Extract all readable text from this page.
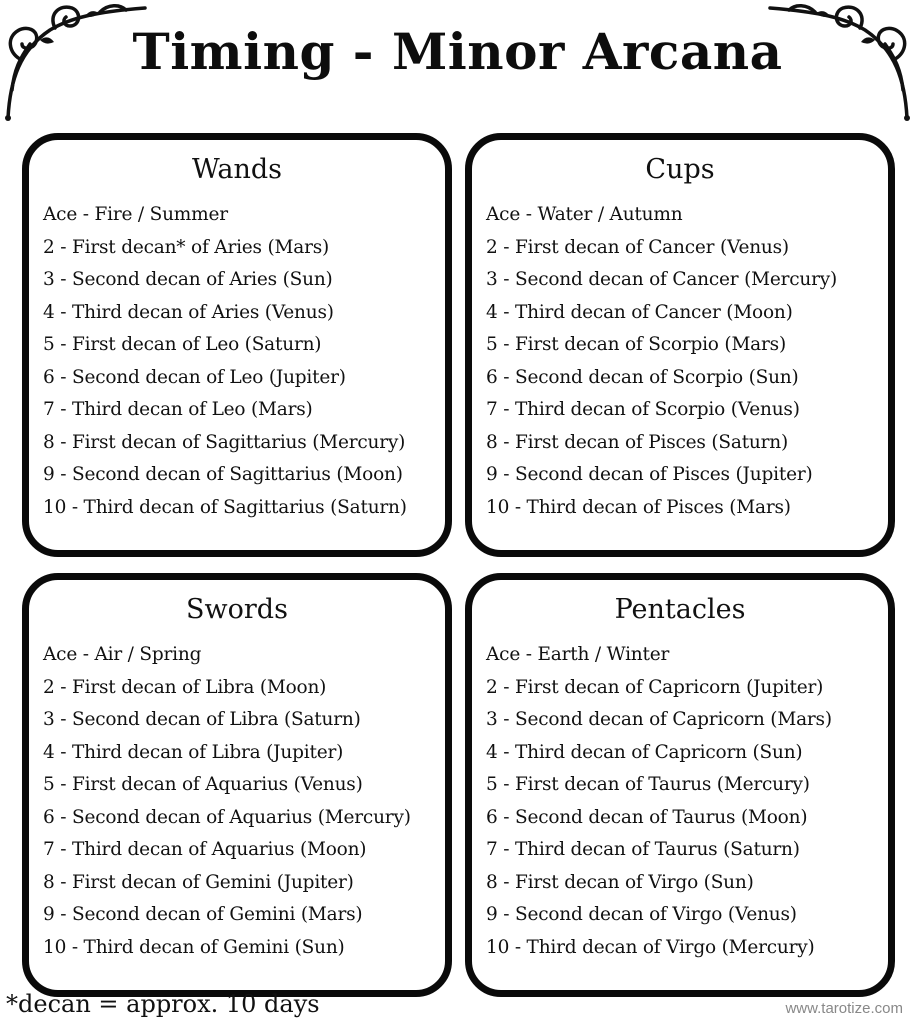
Timing - Minor Arcana
Wands
Ace - Fire / Summer
2 - First decan* of Aries (Mars)
3 - Second decan of Aries (Sun)
4 - Third decan of Aries (Venus)
5 - First decan of Leo (Saturn)
6 - Second decan of Leo (Jupiter)
7 - Third decan of Leo (Mars)
8 - First decan of Sagittarius (Mercury)
9 - Second decan of Sagittarius (Moon)
10 - Third decan of Sagittarius (Saturn)
Cups
Ace - Water / Autumn
2 - First decan of Cancer (Venus)
3 - Second decan of Cancer (Mercury)
4 - Third decan of Cancer (Moon)
5 - First decan of Scorpio (Mars)
6 - Second decan of Scorpio (Sun)
7 - Third decan of Scorpio (Venus)
8 - First decan of Pisces (Saturn)
9 - Second decan of Pisces (Jupiter)
10 - Third decan of Pisces (Mars)
Swords
Ace - Air / Spring
2 - First decan of Libra (Moon)
3 - Second decan of Libra (Saturn)
4 - Third decan of Libra (Jupiter)
5 - First decan of Aquarius (Venus)
6 - Second decan of Aquarius (Mercury)
7 - Third decan of Aquarius (Moon)
8 - First decan of Gemini (Jupiter)
9 - Second decan of Gemini (Mars)
10 - Third decan of Gemini (Sun)
Pentacles
Ace - Earth / Winter
2 - First decan of Capricorn (Jupiter)
3 - Second decan of Capricorn (Mars)
4 - Third decan of Capricorn (Sun)
5 - First decan of Taurus (Mercury)
6 - Second decan of Taurus (Moon)
7 - Third decan of Taurus (Saturn)
8 - First decan of Virgo (Sun)
9 - Second decan of Virgo (Venus)
10 - Third decan of Virgo (Mercury)
*decan = approx. 10 days	www.tarotize.com
